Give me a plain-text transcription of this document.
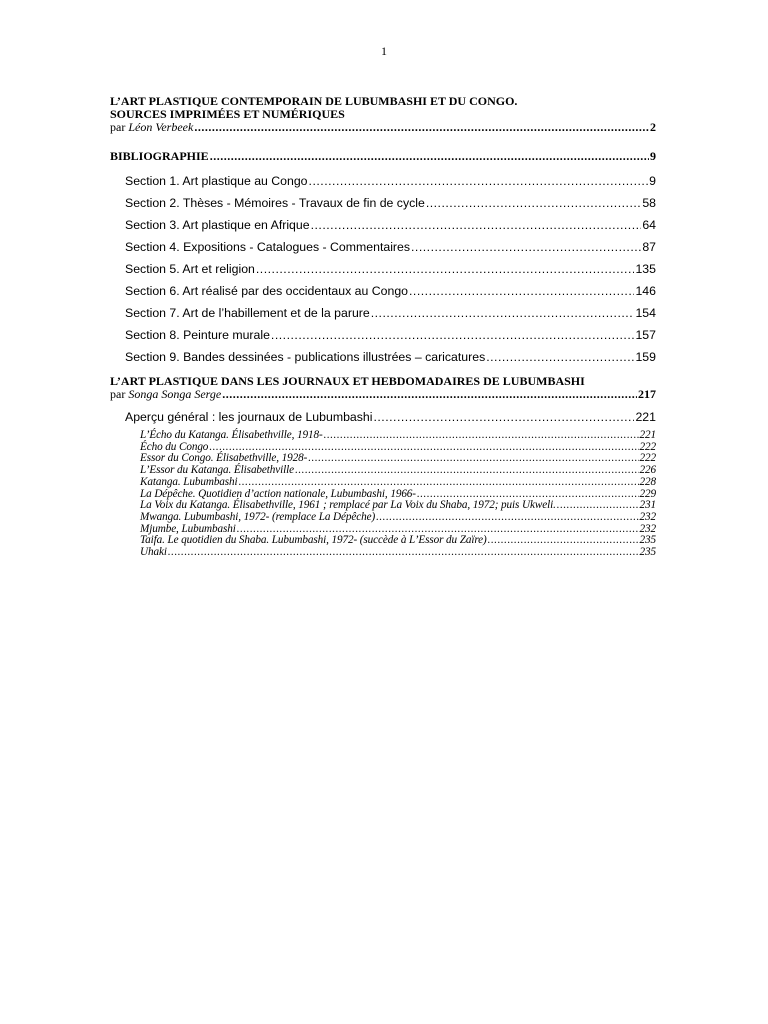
1
L’ART PLASTIQUE CONTEMPORAIN DE LUBUMBASHI ET DU CONGO.
SOURCES IMPRIMÉES ET NUMÉRIQUES
par Léon Verbeek .....	2
BIBLIOGRAPHIE .....	9
Section 1. Art plastique au Congo .....	9
Section 2. Thèses - Mémoires - Travaux de fin de cycle .....	58
Section 3. Art plastique en Afrique .....	64
Section 4. Expositions - Catalogues - Commentaires .....	87
Section 5. Art et religion .....	135
Section 6. Art réalisé par des occidentaux au Congo .....	146
Section 7. Art de l’habillement et de la parure .....	154
Section 8. Peinture murale .....	157
Section 9. Bandes dessinées - publications illustrées – caricatures .....	159
L’ART PLASTIQUE DANS LES JOURNAUX ET HEBDOMADAIRES DE LUBUMBASHI
par Songa Songa Serge .....	217
Aperçu général : les journaux de Lubumbashi .....	221
L’Écho du Katanga. Élisabethville, 1918- .....	221
Écho du Congo .....	222
Essor du Congo. Élisabethville, 1928- .....	222
L’Essor du Katanga. Élisabethville .....	226
Katanga. Lubumbashi .....	228
La Dépêche. Quotidien d’action nationale, Lubumbashi, 1966- .....	229
La Voix du Katanga. Élisabethville, 1961 ; remplacé par La Voix du Shaba, 1972; puis Ukweli. .....	231
Mwanga. Lubumbashi, 1972- (remplace La Dépêche) .....	232
Mjumbe, Lubumbashi .....	232
Taifa. Le quotidien du Shaba. Lubumbashi, 1972- (succède à L’Essor du Zaïre) .....	235
Uhaki .....	235
